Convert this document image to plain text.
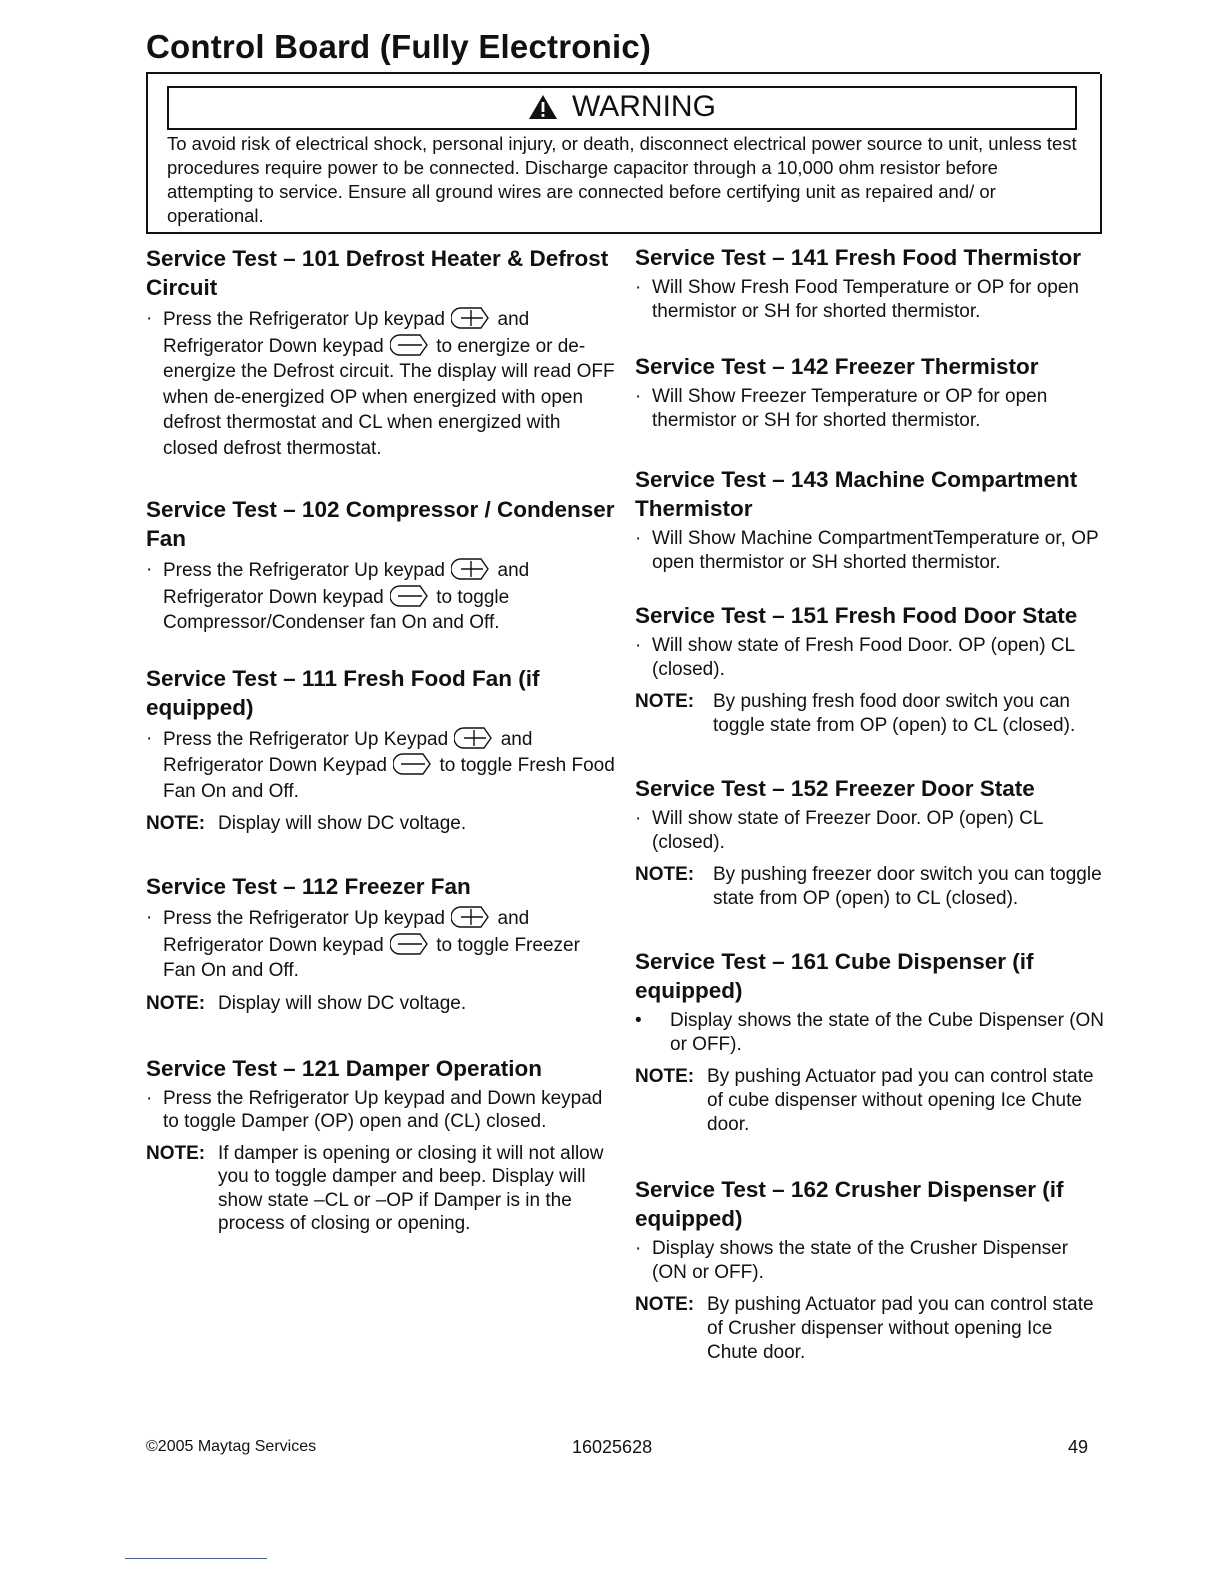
Control Board (Fully Electronic)
WARNING

To avoid risk of electrical shock, personal injury, or death, disconnect electrical power source to unit, unless test procedures require power to be connected. Discharge capacitor through a 10,000 ohm resistor before attempting to service. Ensure all ground wires are connected before certifying unit as repaired and/ or operational.

Service Test – 101 Defrost Heater & Defrost Circuit
· Press the Refrigerator Up keypad	and Refrigerator Down keypad	to energize or de-energize the Defrost circuit. The display will read OFF when de-energized OP when energized with open defrost thermostat and CL when energized with closed defrost thermostat.
Service Test – 102 Compressor / Condenser Fan
· Press the Refrigerator Up keypad	and Refrigerator Down keypad	to toggle Compressor/Condenser fan On and Off.
Service Test – 111 Fresh Food Fan (if equipped)
· Press the Refrigerator Up Keypad	and Refrigerator Down Keypad	to toggle Fresh Food Fan On and Off.
NOTE: Display will show DC voltage.
Service Test – 112 Freezer Fan
· Press the Refrigerator Up keypad	and Refrigerator Down keypad	to toggle Freezer Fan On and Off.
NOTE: Display will show DC voltage.
Service Test – 121 Damper Operation
· Press the Refrigerator Up keypad and Down keypad to toggle Damper (OP) open and (CL) closed.
NOTE: If damper is opening or closing it will not allow you to toggle damper and beep. Display will show state –CL or –OP if Damper is in the process of closing or opening.
Service Test – 141 Fresh Food Thermistor
· Will Show Fresh Food Temperature or OP for open thermistor or SH for shorted thermistor.
Service Test – 142 Freezer Thermistor
· Will Show Freezer Temperature or OP for open thermistor or SH for shorted thermistor.
Service Test – 143 Machine Compartment Thermistor
· Will Show Machine CompartmentTemperature or, OP open thermistor or SH shorted thermistor.
Service Test – 151 Fresh Food Door State
· Will show state of Fresh Food Door. OP (open) CL (closed).
NOTE: By pushing fresh food door switch you can toggle state from OP (open) to CL (closed).
Service Test – 152 Freezer Door State
· Will show state of Freezer Door. OP (open) CL (closed).
NOTE: By pushing freezer door switch you can toggle state from OP (open) to CL (closed).
Service Test – 161 Cube Dispenser (if equipped)
• Display shows the state of the Cube Dispenser (ON or OFF).
NOTE: By pushing Actuator pad you can control state of cube dispenser without opening Ice Chute door.
Service Test – 162 Crusher Dispenser (if equipped)
· Display shows the state of the Crusher Dispenser (ON or OFF).
NOTE: By pushing Actuator pad you can control state of Crusher dispenser without opening Ice Chute door.
©2005 Maytag Services	16025628	49
